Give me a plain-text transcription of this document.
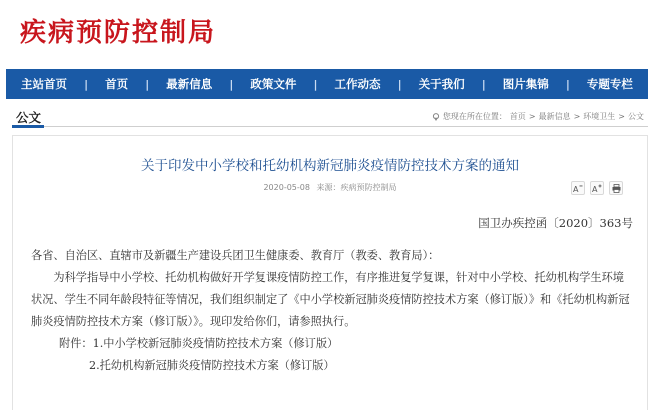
疾病预防控制局
主站首页	|	首页	|	最新信息	|	政策文件	|	工作动态	|	关于我们	|	图片集锦	|	专题专栏
公文	您现在所在位置： 首页 > 最新信息 > 环境卫生 > 公文
关于印发中小学校和托幼机构新冠肺炎疫情防控技术方案的通知
2020-05-08 来源：疾病预防控制局	A A
国卫办疾控函〔2020〕363号

各省、自治区、直辖市及新疆生产建设兵团卫生健康委、教育厅（教委、教育局）：

为科学指导中小学校、托幼机构做好开学复课疫情防控工作，有序推进复学复课，针对中小学校、托幼机构学生环境状况、学生不同年龄段特征等情况，我们组织制定了《中小学校新冠肺炎疫情防控技术方案（修订版）》和《托幼机构新冠肺炎疫情防控技术方案（修订版）》。现印发给你们，请参照执行。

附件：1.中小学校新冠肺炎疫情防控技术方案（修订版）

2.托幼机构新冠肺炎疫情防控技术方案（修订版）
